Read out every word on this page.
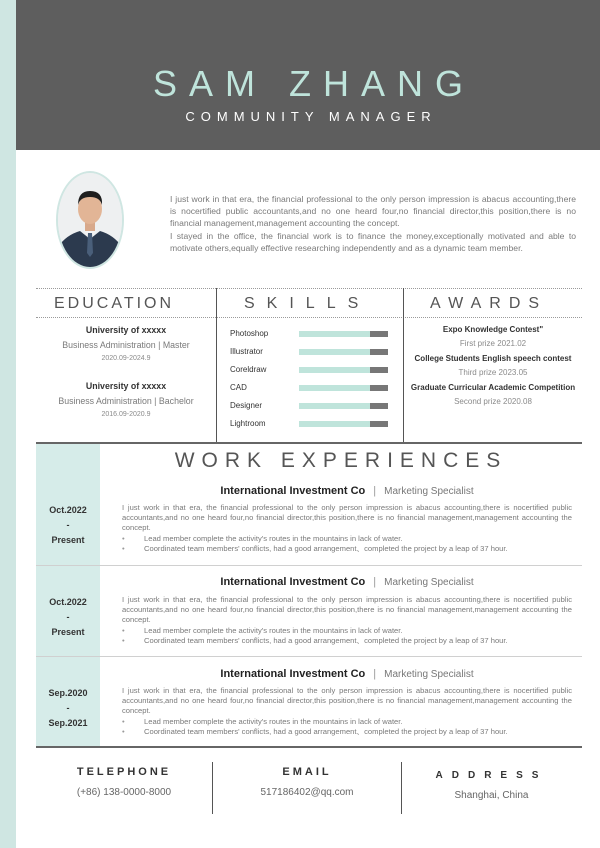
SAM ZHANG
COMMUNITY MANAGER

I just work in that era, the financial professional to the only person impression is abacus accounting,there is nocertified public accountants,and no one heard four,no financial director,this position,there is no financial management,management accounting the concept.

I stayed in the office, the financial work is to finance the money,exceptionally motivated and able to motivate others,equally effective researching independently and as a dynamic team member.

EDUCATION	SKILLS	AWARDS
University of xxxxx
Business Administration | Master
2020.09-2024.9
University of xxxxx
Business Administration | Bachelor
2016.09-2020.9
Photoshop
Illustrator
Coreldraw
CAD
Designer
Lightroom
Expo Knowledge Contest"
First prize 2021.02
College Students English speech contest
Third prize 2023.05
Graduate Curricular Academic Competition
Second prize 2020.08
WORK EXPERIENCES
Oct.2022
-
Present
International Investment Co | Marketing Specialist
I just work in that era, the financial professional to the only person impression is abacus accounting,there is nocertified public accountants,and no one heard four,no financial director,this position,there is no financial management,management accounting the concept.
• Lead member complete the activity's routes in the mountains in lack of water.
• Coordinated team members' conflicts, had a good arrangement、completed the project by a leap of 37 hour.
Oct.2022
-
Present
International Investment Co | Marketing Specialist
I just work in that era, the financial professional to the only person impression is abacus accounting,there is nocertified public accountants,and no one heard four,no financial director,this position,there is no financial management,management accounting the concept.
• Lead member complete the activity's routes in the mountains in lack of water.
• Coordinated team members' conflicts, had a good arrangement、completed the project by a leap of 37 hour.
Sep.2020
-
Sep.2021
International Investment Co | Marketing Specialist
I just work in that era, the financial professional to the only person impression is abacus accounting,there is nocertified public accountants,and no one heard four,no financial director,this position,there is no financial management,management accounting the concept.
• Lead member complete the activity's routes in the mountains in lack of water.
• Coordinated team members' conflicts, had a good arrangement、completed the project by a leap of 37 hour.
TELEPHONE
(+86) 138-0000-8000
EMAIL
517186402@qq.com
ADDRESS
Shanghai, China
